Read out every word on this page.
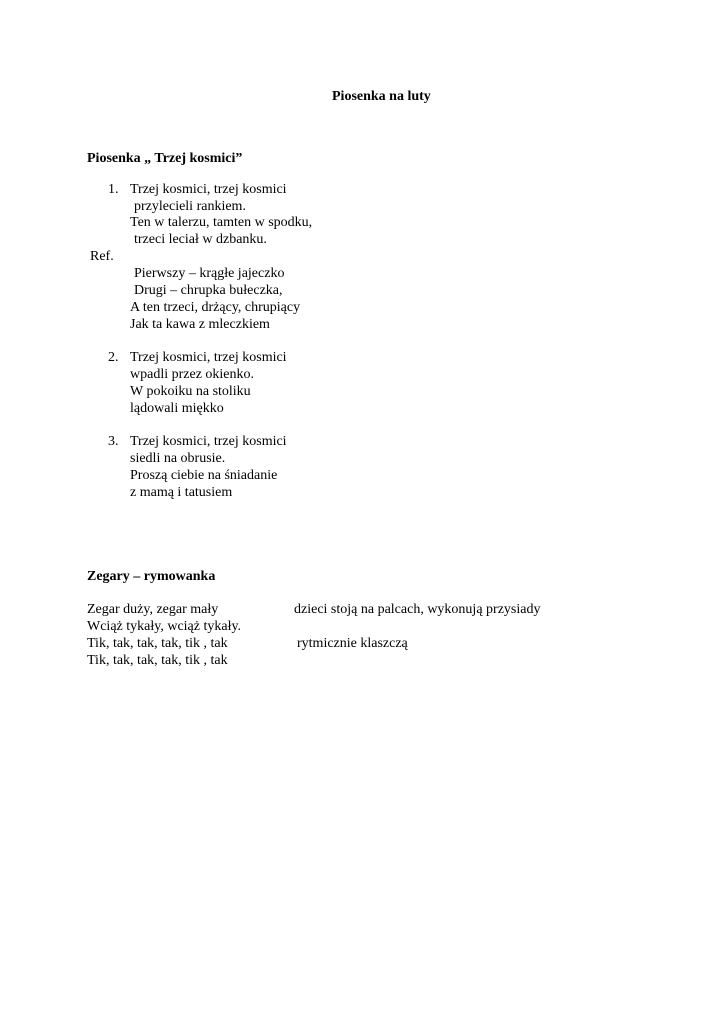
Piosenka na luty
Piosenka „ Trzej kosmici”
1. Trzej kosmici, trzej kosmici
przylecieli rankiem.
Ten w talerzu, tamten w spodku,
trzeci leciał w dzbanku.
Ref.
Pierwszy – krągłe jajeczko
Drugi – chrupka bułeczka,
A ten trzeci, drżący, chrupiący
Jak ta kawa z mleczkiem
2. Trzej kosmici, trzej kosmici
wpadli przez okienko.
W pokoiku na stoliku
lądowali miękko
3. Trzej kosmici, trzej kosmici
siedli na obrusie.
Proszą ciebie na śniadanie
z mamą i tatusiem
Zegary – rymowanka
Zegar duży, zegar mały	dzieci stoją na palcach, wykonują przysiady
Wciąż tykały, wciąż tykały.
Tik, tak, tak, tak, tik , tak	rytmicznie klaszczą
Tik, tak, tak, tak, tik , tak
